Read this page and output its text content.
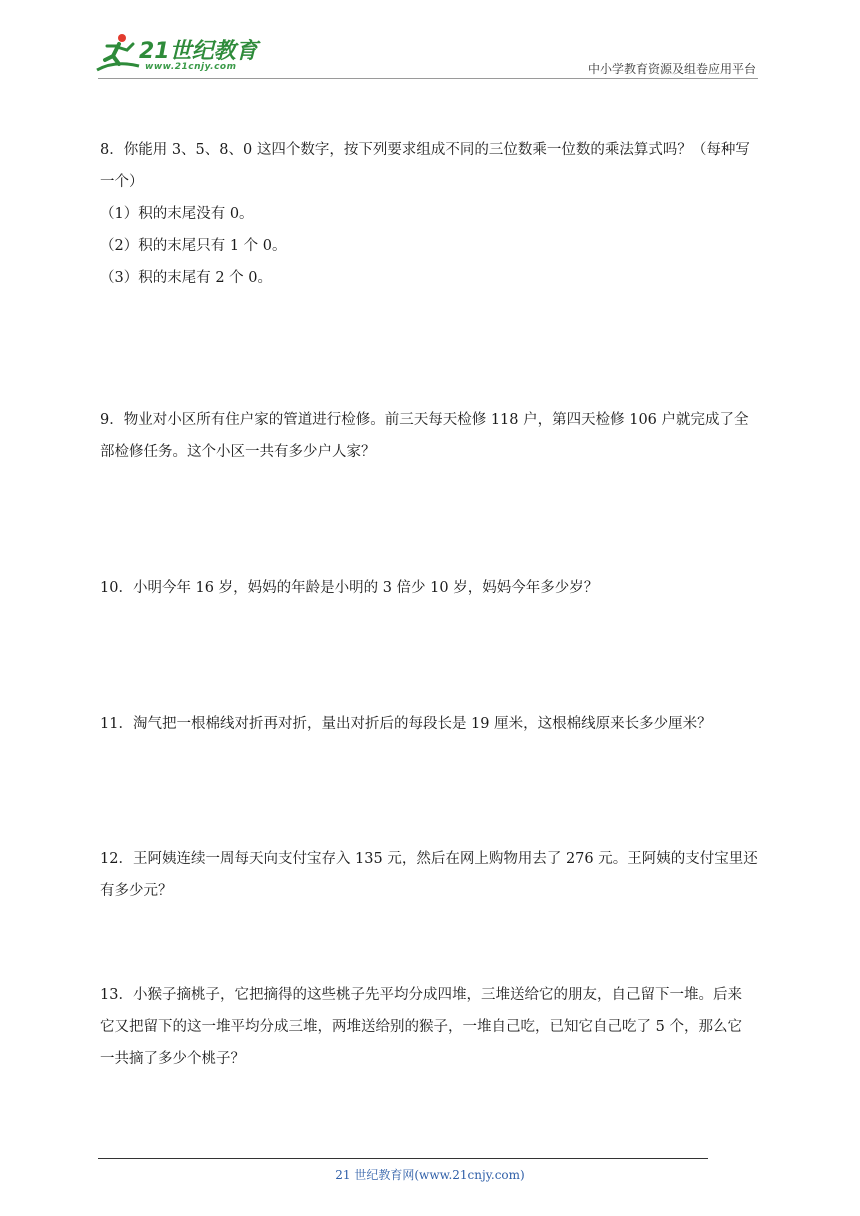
21世纪教育
www.21cnjy.com	中小学教育资源及组卷应用平台

8．你能用 3、5、8、0 这四个数字，按下列要求组成不同的三位数乘一位数的乘法算式吗？（每种写

一个）

（1）积的末尾没有 0。

（2）积的末尾只有 1 个 0。

（3）积的末尾有 2 个 0。

9．物业对小区所有住户家的管道进行检修。前三天每天检修 118 户，第四天检修 106 户就完成了全

部检修任务。这个小区一共有多少户人家？

10．小明今年 16 岁，妈妈的年龄是小明的 3 倍少 10 岁，妈妈今年多少岁？

11．淘气把一根棉线对折再对折，量出对折后的每段长是 19 厘米，这根棉线原来长多少厘米？

12．王阿姨连续一周每天向支付宝存入 135 元，然后在网上购物用去了 276 元。王阿姨的支付宝里还

有多少元？

13．小猴子摘桃子，它把摘得的这些桃子先平均分成四堆，三堆送给它的朋友，自己留下一堆。后来

它又把留下的这一堆平均分成三堆，两堆送给别的猴子，一堆自己吃，已知它自己吃了 5 个，那么它

一共摘了多少个桃子？

21 世纪教育网(www.21cnjy.com)
